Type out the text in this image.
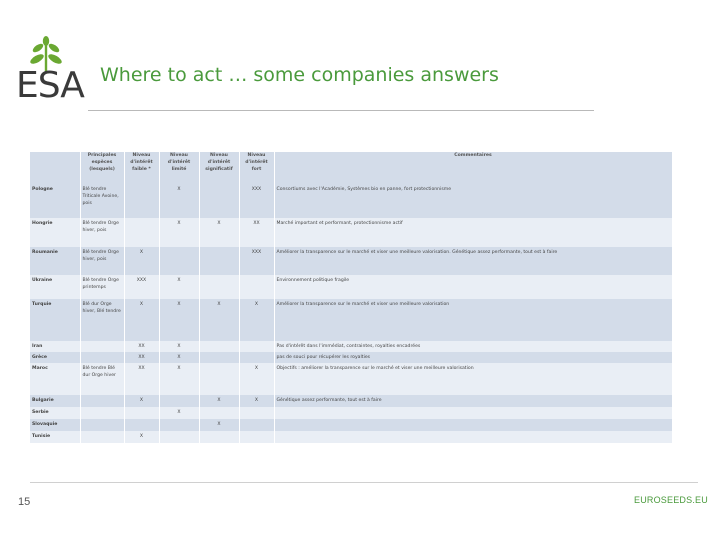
ESA Where to act … some companies answers
	Principales espèces (lesquels)	Niveau d'intérêt faible *	Niveau d'intérêt limité	Niveau d'intérêt significatif	Niveau d'intérêt fort	Commentaires
Pologne	Blé tendre Triticale Avoine, pois		X		XXX	Consortiums avec l'Académie, Systèmes bio en panne, fort protectionnisme
Hongrie	Blé tendre Orge hiver, pois		X	X	XX	Marché important et performant, protectionnisme actif
Roumanie	Blé tendre Orge hiver, pois	X			XXX	Améliorer la transparence sur le marché et viser une meilleure valorisation. Génétique assez performante, tout est à faire
Ukraine	Blé tendre Orge printemps	XXX	X			Environnement politique fragile
Turquie	Blé dur Orge hiver, Blé tendre	X	X	X	X	Améliorer la transparence sur le marché et viser une meilleure valorisation
Iran		XX	X			Pas d'intérêt dans l'immédiat, contraintes, royalties encadrées
Grèce		XX	X			pas de souci pour récupérer les royalties
Maroc	Blé tendre Blé dur Orge hiver	XX	X		X	Objectifs : améliorer la transparence sur le marché et viser une meilleure valorisation
Bulgarie		X		X	X	Génétique assez performante, tout est à faire
Serbie			X			
Slovaquie				X		
Tunisie		X				
15	EUROSEEDS.EU
